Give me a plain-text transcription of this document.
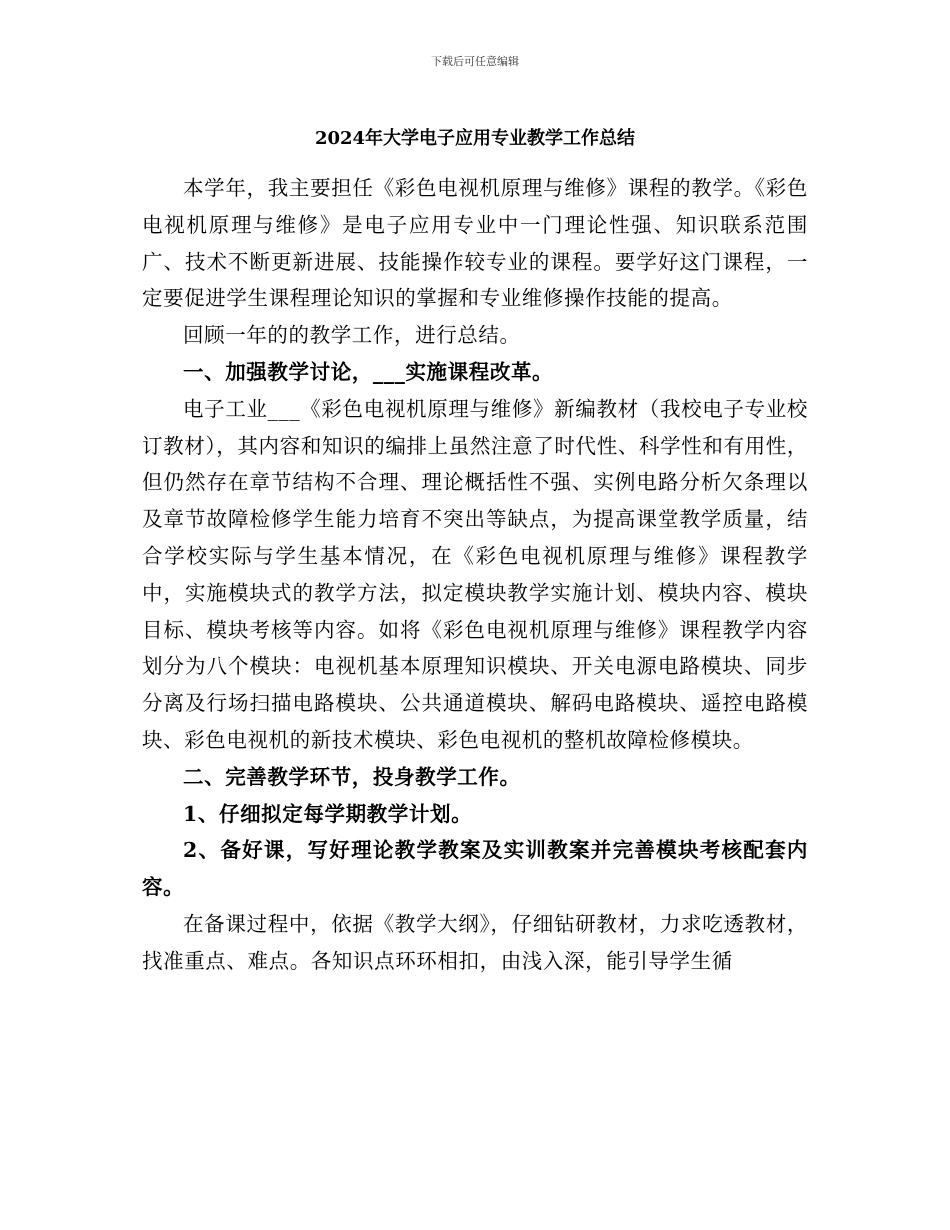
下载后可任意编辑
2024年大学电子应用专业教学工作总结

本学年，我主要担任《彩色电视机原理与维修》课程的教学。《彩色电视机原理与维修》是电子应用专业中一门理论性强、知识联系范围广、技术不断更新进展、技能操作较专业的课程。要学好这门课程，一定要促进学生课程理论知识的掌握和专业维修操作技能的提高。

回顾一年的的教学工作，进行总结。

一、加强教学讨论，___实施课程改革。

电子工业___《彩色电视机原理与维修》新编教材（我校电子专业校订教材），其内容和知识的编排上虽然注意了时代性、科学性和有用性，但仍然存在章节结构不合理、理论概括性不强、实例电路分析欠条理以及章节故障检修学生能力培育不突出等缺点，为提高课堂教学质量，结合学校实际与学生基本情况，在《彩色电视机原理与维修》课程教学中，实施模块式的教学方法，拟定模块教学实施计划、模块内容、模块目标、模块考核等内容。如将《彩色电视机原理与维修》课程教学内容划分为八个模块：电视机基本原理知识模块、开关电源电路模块、同步分离及行场扫描电路模块、公共通道模块、解码电路模块、遥控电路模块、彩色电视机的新技术模块、彩色电视机的整机故障检修模块。

二、完善教学环节，投身教学工作。

1、仔细拟定每学期教学计划。

2、备好课，写好理论教学教案及实训教案并完善模块考核配套内容。

在备课过程中，依据《教学大纲》，仔细钻研教材，力求吃透教材，找准重点、难点。各知识点环环相扣，由浅入深，能引导学生循
